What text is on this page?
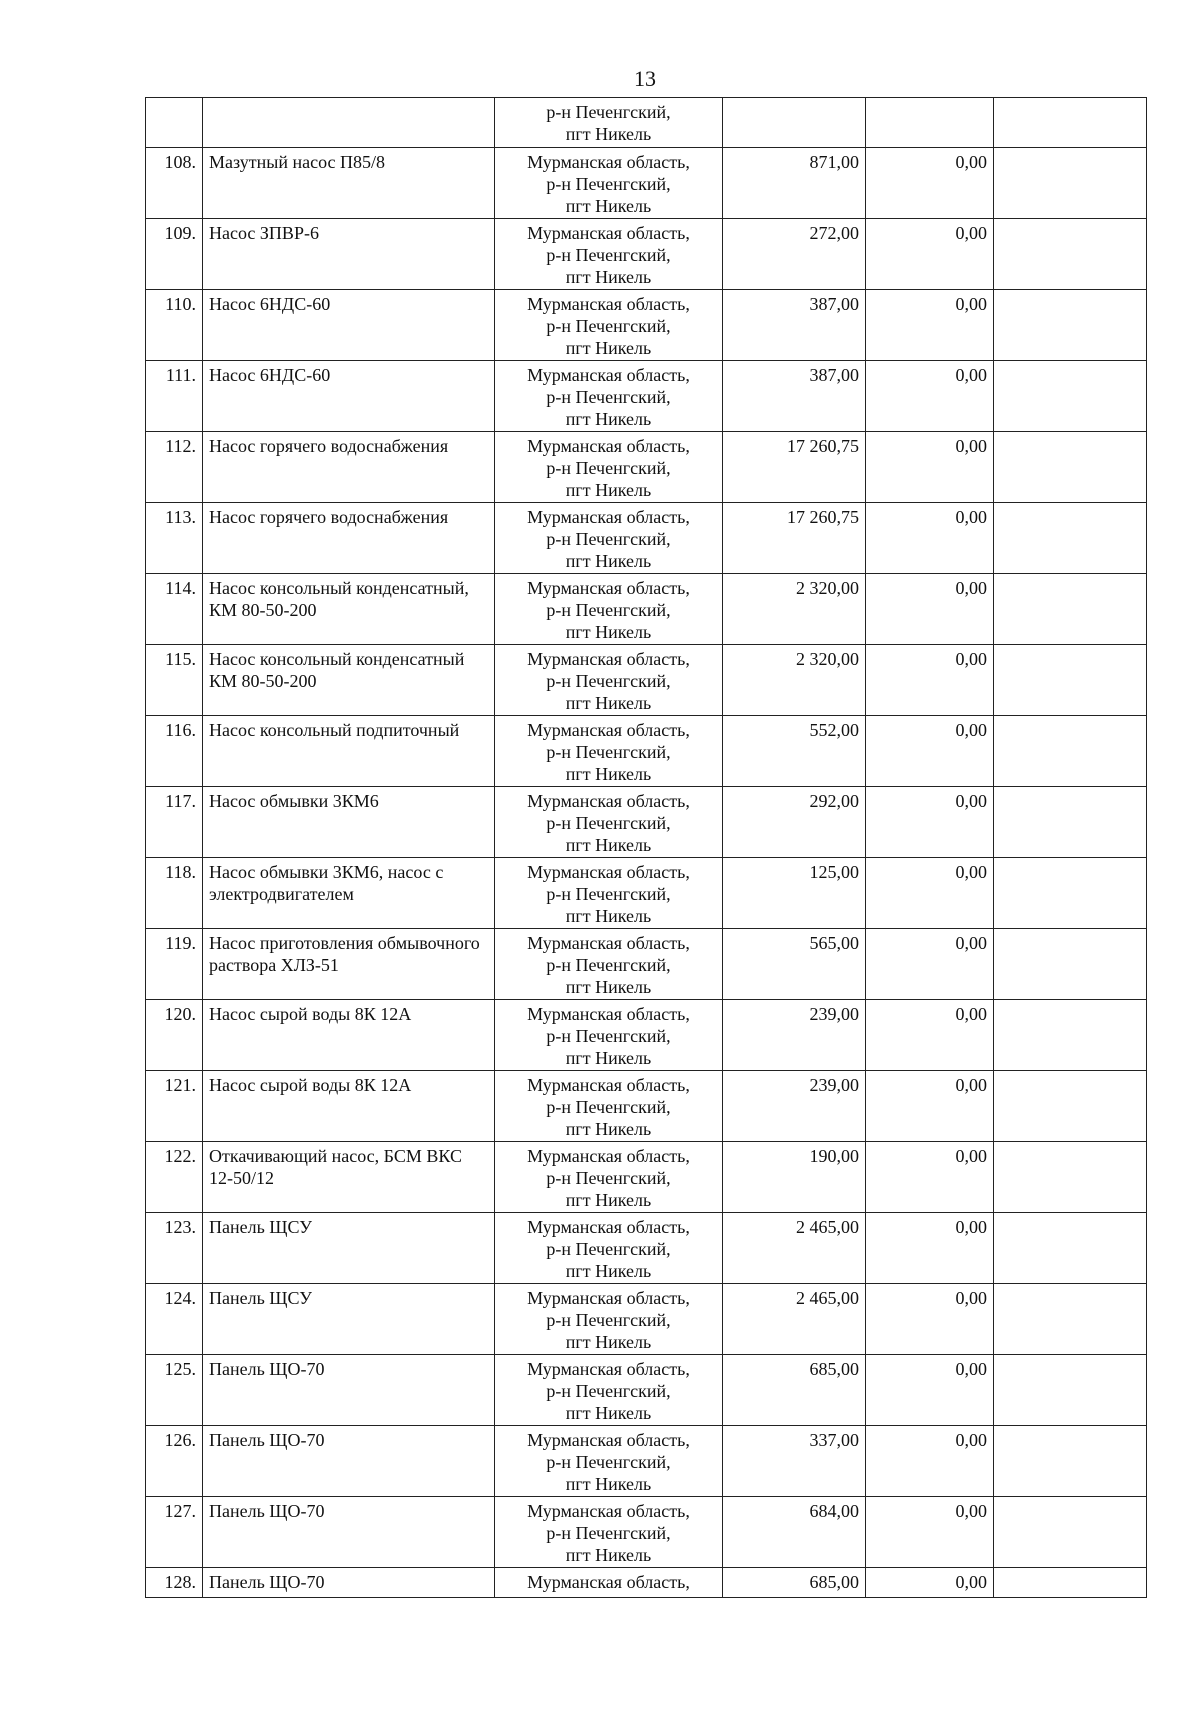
13

		р-н Печенгский,
пгт Никель			

108.	Мазутный насос П85/8	Мурманская область,
р-н Печенгский,
пгт Никель	871,00	0,00	
109.	Насос ЗПВР-6	Мурманская область,
р-н Печенгский,
пгт Никель	272,00	0,00	
110.	Насос 6НДС-60	Мурманская область,
р-н Печенгский,
пгт Никель	387,00	0,00	
111.	Насос 6НДС-60	Мурманская область,
р-н Печенгский,
пгт Никель	387,00	0,00	
112.	Насос горячего водоснабжения	Мурманская область,
р-н Печенгский,
пгт Никель	17 260,75	0,00	
113.	Насос горячего водоснабжения	Мурманская область,
р-н Печенгский,
пгт Никель	17 260,75	0,00	
114.	Насос консольный конденсатный, КМ 80-50-200	Мурманская область,
р-н Печенгский,
пгт Никель	2 320,00	0,00	
115.	Насос консольный конденсатный КМ 80-50-200	Мурманская область,
р-н Печенгский,
пгт Никель	2 320,00	0,00	
116.	Насос консольный подпиточный	Мурманская область,
р-н Печенгский,
пгт Никель	552,00	0,00	
117.	Насос обмывки 3КМ6	Мурманская область,
р-н Печенгский,
пгт Никель	292,00	0,00	
118.	Насос обмывки 3КМ6, насос с электродвигателем	Мурманская область,
р-н Печенгский,
пгт Никель	125,00	0,00	
119.	Насос приготовления обмывочного раствора ХЛЗ-51	Мурманская область,
р-н Печенгский,
пгт Никель	565,00	0,00	
120.	Насос сырой воды 8К 12А	Мурманская область,
р-н Печенгский,
пгт Никель	239,00	0,00	
121.	Насос сырой воды 8К 12А	Мурманская область,
р-н Печенгский,
пгт Никель	239,00	0,00	
122.	Откачивающий насос, БСМ ВКС 12-50/12	Мурманская область,
р-н Печенгский,
пгт Никель	190,00	0,00	
123.	Панель ЩСУ	Мурманская область,
р-н Печенгский,
пгт Никель	2 465,00	0,00	
124.	Панель ЩСУ	Мурманская область,
р-н Печенгский,
пгт Никель	2 465,00	0,00	
125.	Панель ЩО-70	Мурманская область,
р-н Печенгский,
пгт Никель	685,00	0,00	
126.	Панель ЩО-70	Мурманская область,
р-н Печенгский,
пгт Никель	337,00	0,00	
127.	Панель ЩО-70	Мурманская область,
р-н Печенгский,
пгт Никель	684,00	0,00	
128.	Панель ЩО-70	Мурманская область,	685,00	0,00	
